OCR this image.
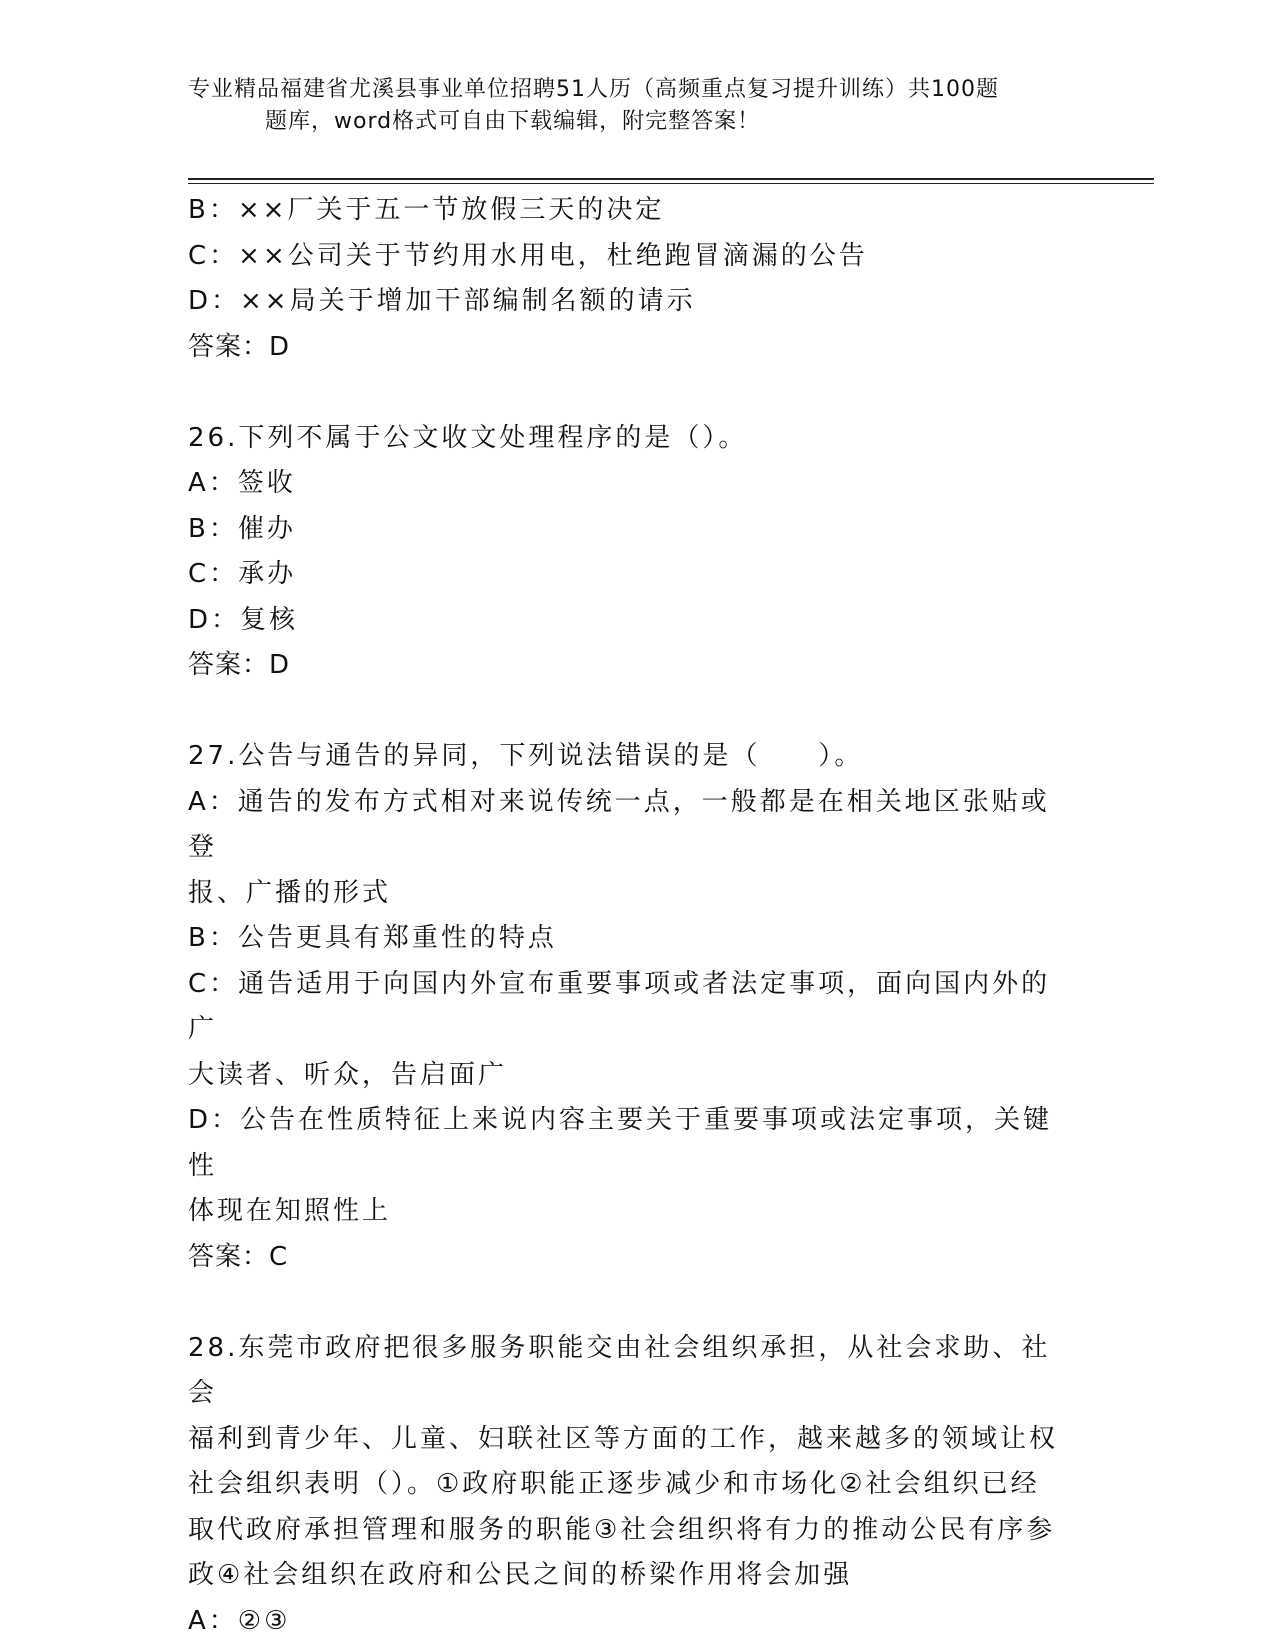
专业精品福建省尤溪县事业单位招聘51人历（高频重点复习提升训练）共100题
题库，word格式可自由下载编辑，附完整答案！

B：××厂关于五一节放假三天的决定

C：××公司关于节约用水用电，杜绝跑冒滴漏的公告

D：××局关于增加干部编制名额的请示

答案：D

26.下列不属于公文收文处理程序的是（）。

A：签收

B：催办

C：承办

D：复核

答案：D

27.公告与通告的异同，下列说法错误的是（　　）。

A：通告的发布方式相对来说传统一点，一般都是在相关地区张贴或登

报、广播的形式

B：公告更具有郑重性的特点

C：通告适用于向国内外宣布重要事项或者法定事项，面向国内外的广

大读者、听众，告启面广

D：公告在性质特征上来说内容主要关于重要事项或法定事项，关键性

体现在知照性上

答案：C

28.东莞市政府把很多服务职能交由社会组织承担，从社会求助、社会

福利到青少年、儿童、妇联社区等方面的工作，越来越多的领域让权

社会组织表明（）。①政府职能正逐步减少和市场化②社会组织已经

取代政府承担管理和服务的职能③社会组织将有力的推动公民有序参

政④社会组织在政府和公民之间的桥梁作用将会加强

A：②③
